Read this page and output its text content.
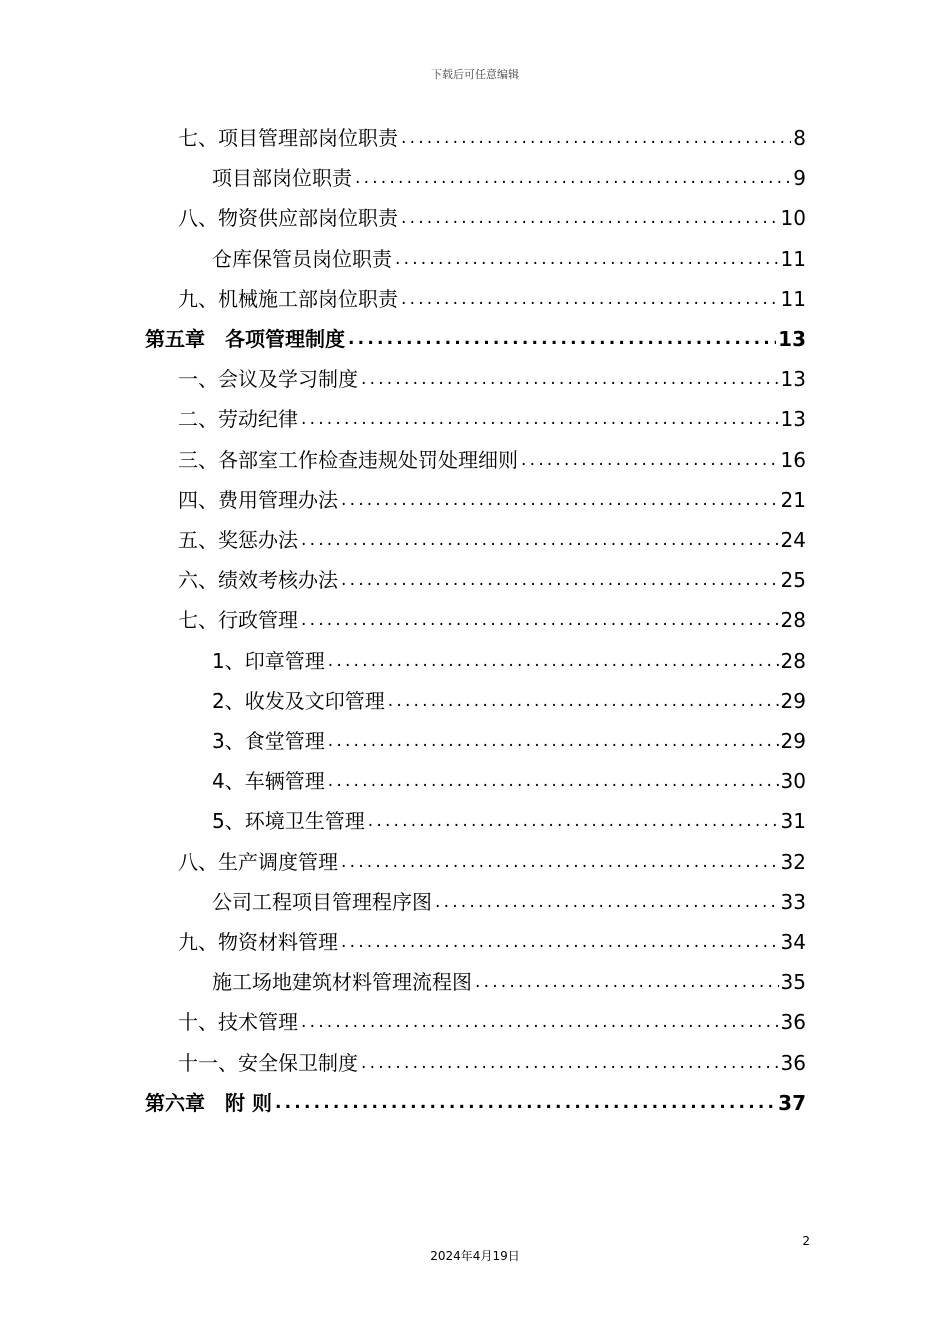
下载后可任意编辑
七、项目管理部岗位职责 .....	8
项目部岗位职责 .....	9
八、物资供应部岗位职责 .....	10
仓库保管员岗位职责 .....	11
九、机械施工部岗位职责 .....	11
第五章　各项管理制度 .....	13
一、会议及学习制度 .....	13
二、劳动纪律 .....	13
三、各部室工作检查违规处罚处理细则 .....	16
四、费用管理办法 .....	21
五、奖惩办法 .....	24
六、绩效考核办法 .....	25
七、行政管理 .....	28
1、印章管理 .....	28
2、收发及文印管理 .....	29
3、食堂管理 .....	29
4、车辆管理 .....	30
5、环境卫生管理 .....	31
八、生产调度管理 .....	32
公司工程项目管理程序图 .....	33
九、物资材料管理 .....	34
施工场地建筑材料管理流程图 .....	35
十、技术管理 .....	36
十一、安全保卫制度 .....	36
第六章　附 则 .....	37
2
2024年4月19日
